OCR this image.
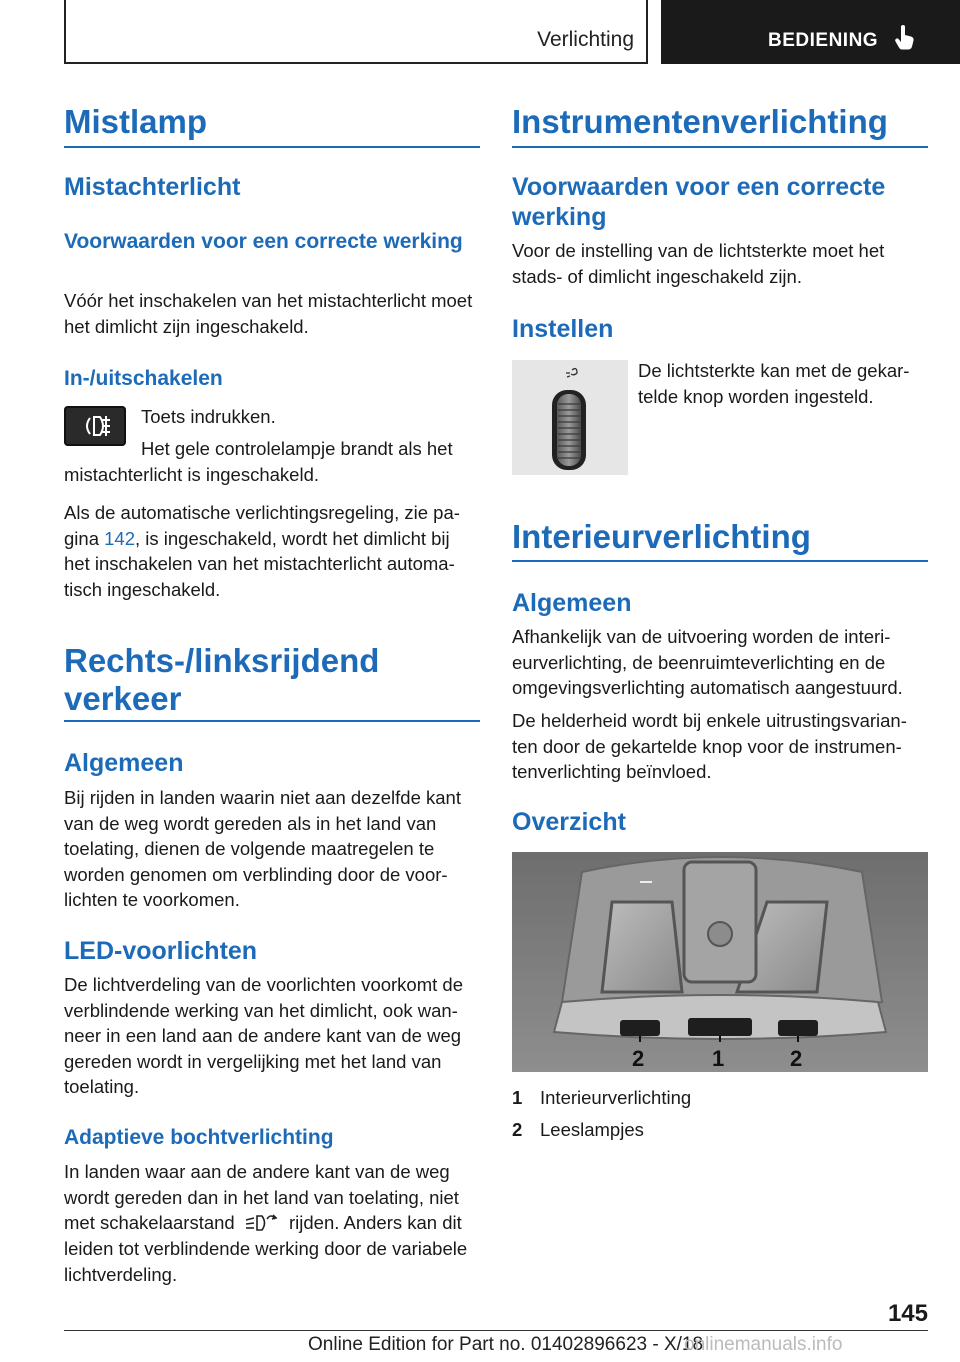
Verlichting	BEDIENING
Mistlamp
Mistachterlicht
Voorwaarden voor een correcte werking
Vóór het inschakelen van het mistachterlicht moet het dimlicht zijn ingeschakeld.
In-/uitschakelen
Toets indrukken.
Het gele controlelampje brandt als het mistachterlicht is ingeschakeld.
Als de automatische verlichtingsregeling, zie pa‑ gina 142, is ingeschakeld, wordt het dimlicht bij het inschakelen van het mistachterlicht automa‑ tisch ingeschakeld.
Rechts-/linksrijdend
verkeer
Algemeen
Bij rijden in landen waarin niet aan dezelfde kant van de weg wordt gereden als in het land van toelating, dienen de volgende maatregelen te worden genomen om verblinding door de voor‑ lichten te voorkomen.
LED-voorlichten
De lichtverdeling van de voorlichten voorkomt de verblindende werking van het dimlicht, ook wan‑ neer in een land aan de andere kant van de weg gereden wordt in vergelijking met het land van toelating.
Adaptieve bochtverlichting
In landen waar aan de andere kant van de weg wordt gereden dan in het land van toelating, niet
met schakelaarstand	rijden. Anders kan dit
leiden tot verblindende werking door de variabele lichtverdeling.
Instrumentenverlichting
Voorwaarden voor een correcte werking
Voor de instelling van de lichtsterkte moet het stads- of dimlicht ingeschakeld zijn.
Instellen
De lichtsterkte kan met de gekar‑ telde knop worden ingesteld.
Interieurverlichting
Algemeen
Afhankelijk van de uitvoering worden de interi‑ eurverlichting, de beenruimteverlichting en de omgevingsverlichting automatisch aangestuurd.
De helderheid wordt bij enkele uitrustingsvarian‑ ten door de gekartelde knop voor de instrumen‑ tenverlichting beïnvloed.
Overzicht
2	1	2
1 Interieurverlichting
2 Leeslampjes
145
Online Edition for Part no. 01402896623 - X/18
onlinemanuals.info
